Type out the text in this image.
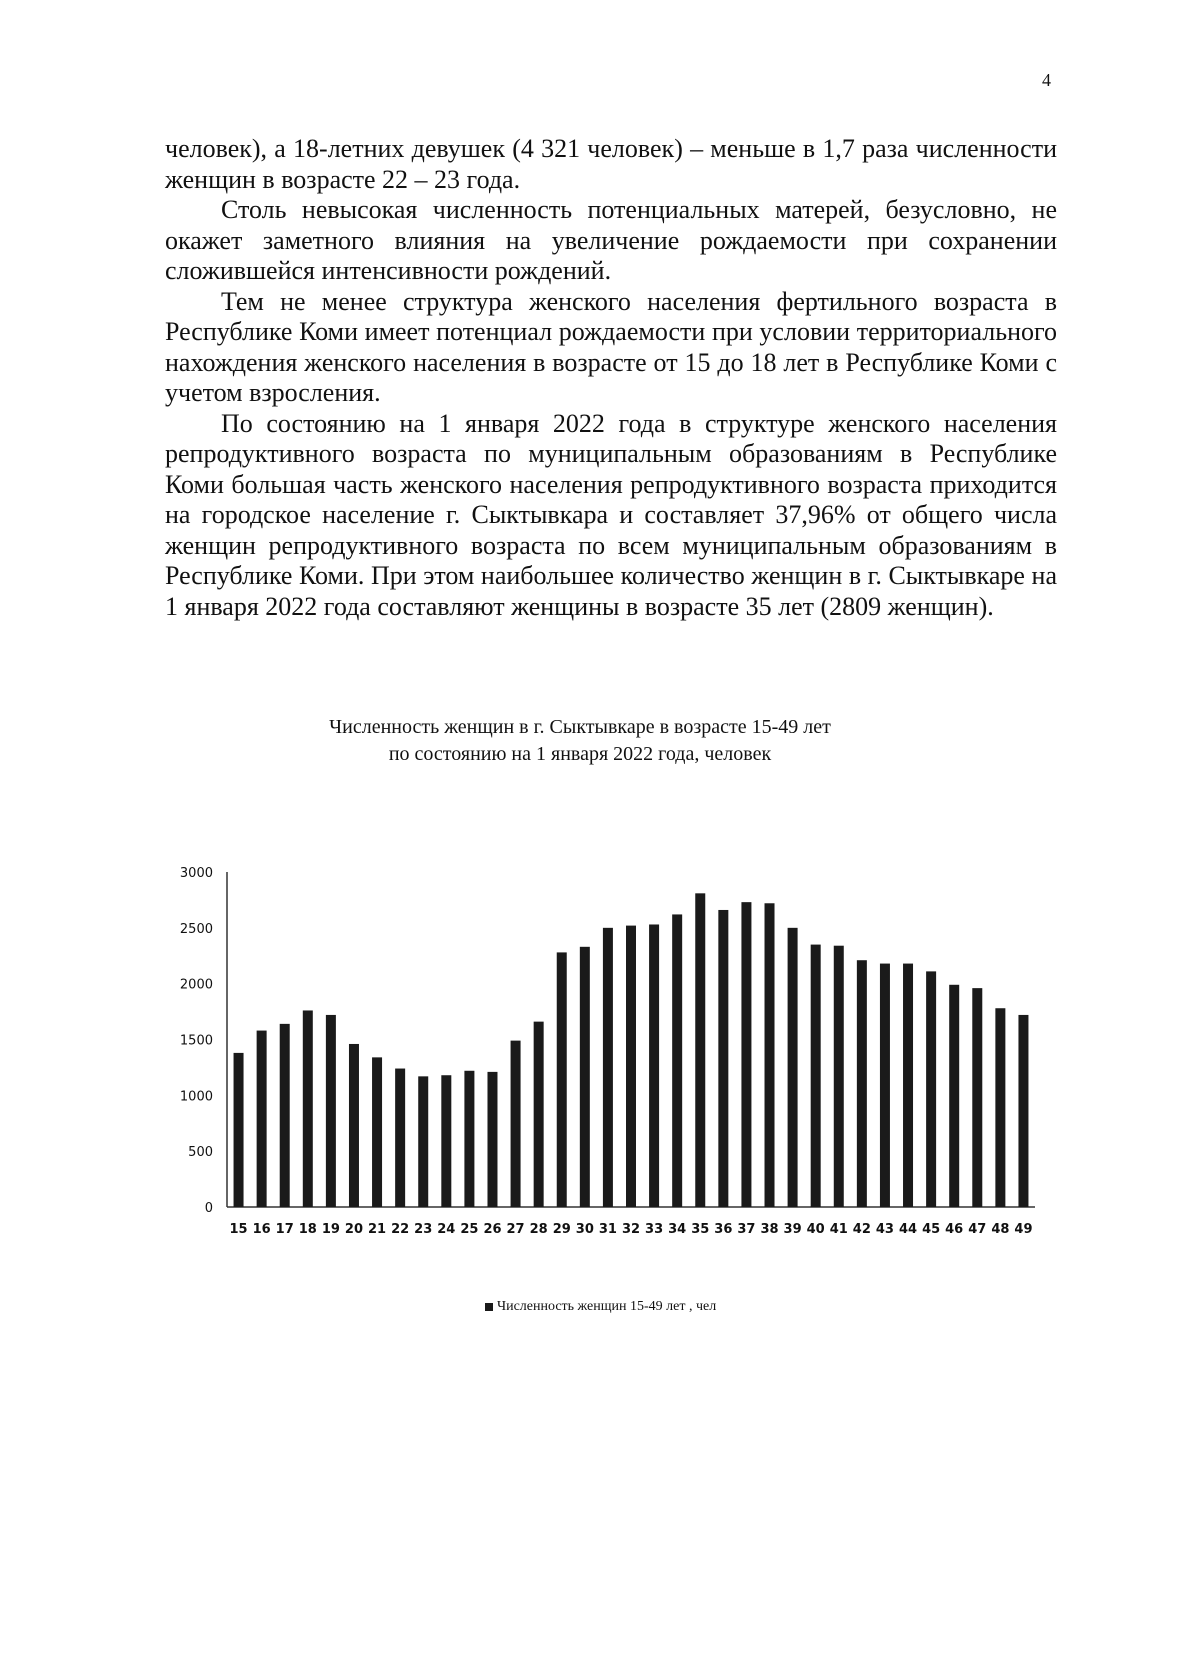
4

человек), а 18-летних девушек (4 321 человек) – меньше в 1,7 раза численности женщин в возрасте 22 – 23 года.

Столь невысокая численность потенциальных матерей, безусловно, не окажет заметного влияния на увеличение рождаемости при сохранении сложившейся интенсивности рождений.

Тем не менее структура женского населения фертильного возраста в Республике Коми имеет потенциал рождаемости при условии территориального нахождения женского населения в возрасте от 15 до 18 лет в Республике Коми с учетом взросления.

По состоянию на 1 января 2022 года в структуре женского населения репродуктивного возраста по муниципальным образованиям в Республике Коми большая часть женского населения репродуктивного возраста приходится на городское население г. Сыктывкара и составляет 37,96% от общего числа женщин репродуктивного возраста по всем муниципальным образованиям в Республике Коми. При этом наибольшее количество женщин в г. Сыктывкаре на 1 января 2022 года составляют женщины в возрасте 35 лет (2809 женщин).

Численность женщин в г. Сыктывкаре в возрасте 15-49 лет
по состоянию на 1 января 2022 года, человек
0
500
1000
1500
2000
2500
3000
15 16 17 18 19 20 21 22 23 24 25 26 27 28 29 30 31 32 33 34 35 36 37 38 39 40 41 42 43 44 45 46 47 48 49
Численность женщин 15-49 лет , чел
